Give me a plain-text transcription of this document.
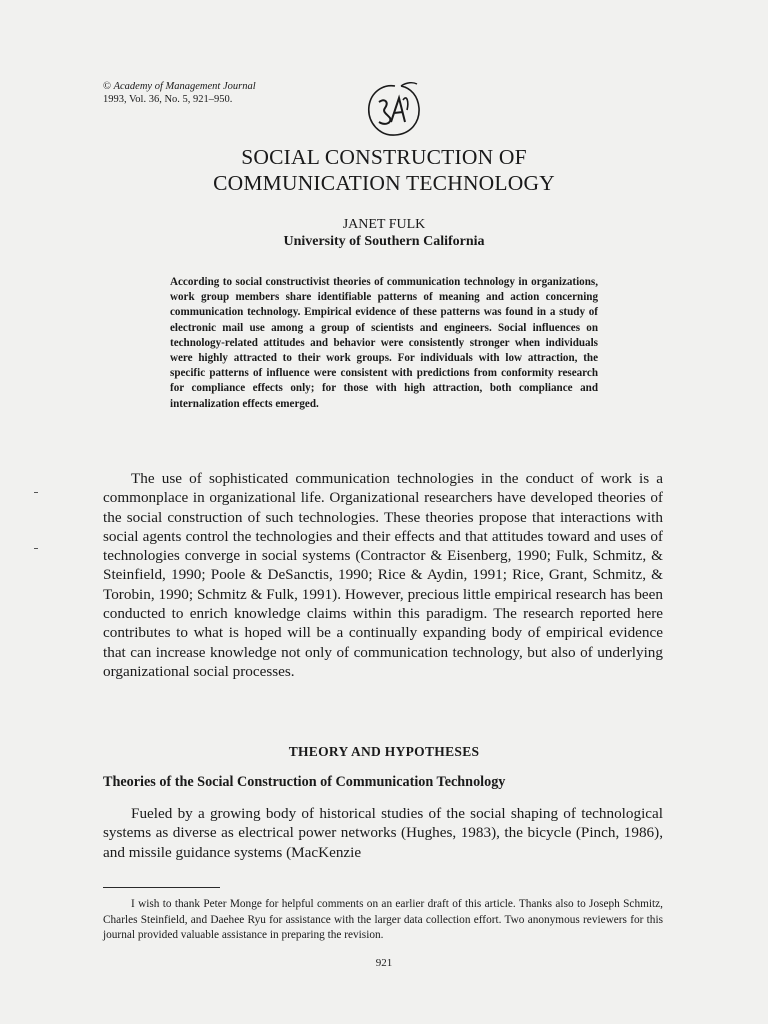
© Academy of Management Journal
1993, Vol. 36, No. 5, 921–950.
SOCIAL CONSTRUCTION OF
COMMUNICATION TECHNOLOGY
JANET FULK
University of Southern California

According to social constructivist theories of communication technology in organizations, work group members share identifiable patterns of meaning and action concerning communication technology. Empirical evidence of these patterns was found in a study of electronic mail use among a group of scientists and engineers. Social influences on technology-related attitudes and behavior were consistently stronger when individuals were highly attracted to their work groups. For individuals with low attraction, the specific patterns of influence were consistent with predictions from conformity research for compliance effects only; for those with high attraction, both compliance and internalization effects emerged.

The use of sophisticated communication technologies in the conduct of work is a commonplace in organizational life. Organizational researchers have developed theories of the social construction of such technologies. These theories propose that interactions with social agents control the technologies and their effects and that attitudes toward and uses of technologies converge in social systems (Contractor & Eisenberg, 1990; Fulk, Schmitz, & Steinfield, 1990; Poole & DeSanctis, 1990; Rice & Aydin, 1991; Rice, Grant, Schmitz, & Torobin, 1990; Schmitz & Fulk, 1991). However, precious little empirical research has been conducted to enrich knowledge claims within this paradigm. The research reported here contributes to what is hoped will be a continually expanding body of empirical evidence that can increase knowledge not only of communication technology, but also of underlying organizational social processes.

THEORY AND HYPOTHESES
Theories of the Social Construction of Communication Technology

Fueled by a growing body of historical studies of the social shaping of technological systems as diverse as electrical power networks (Hughes, 1983), the bicycle (Pinch, 1986), and missile guidance systems (MacKenzie

I wish to thank Peter Monge for helpful comments on an earlier draft of this article. Thanks also to Joseph Schmitz, Charles Steinfield, and Daehee Ryu for assistance with the larger data collection effort. Two anonymous reviewers for this journal provided valuable assistance in preparing the revision.

921
